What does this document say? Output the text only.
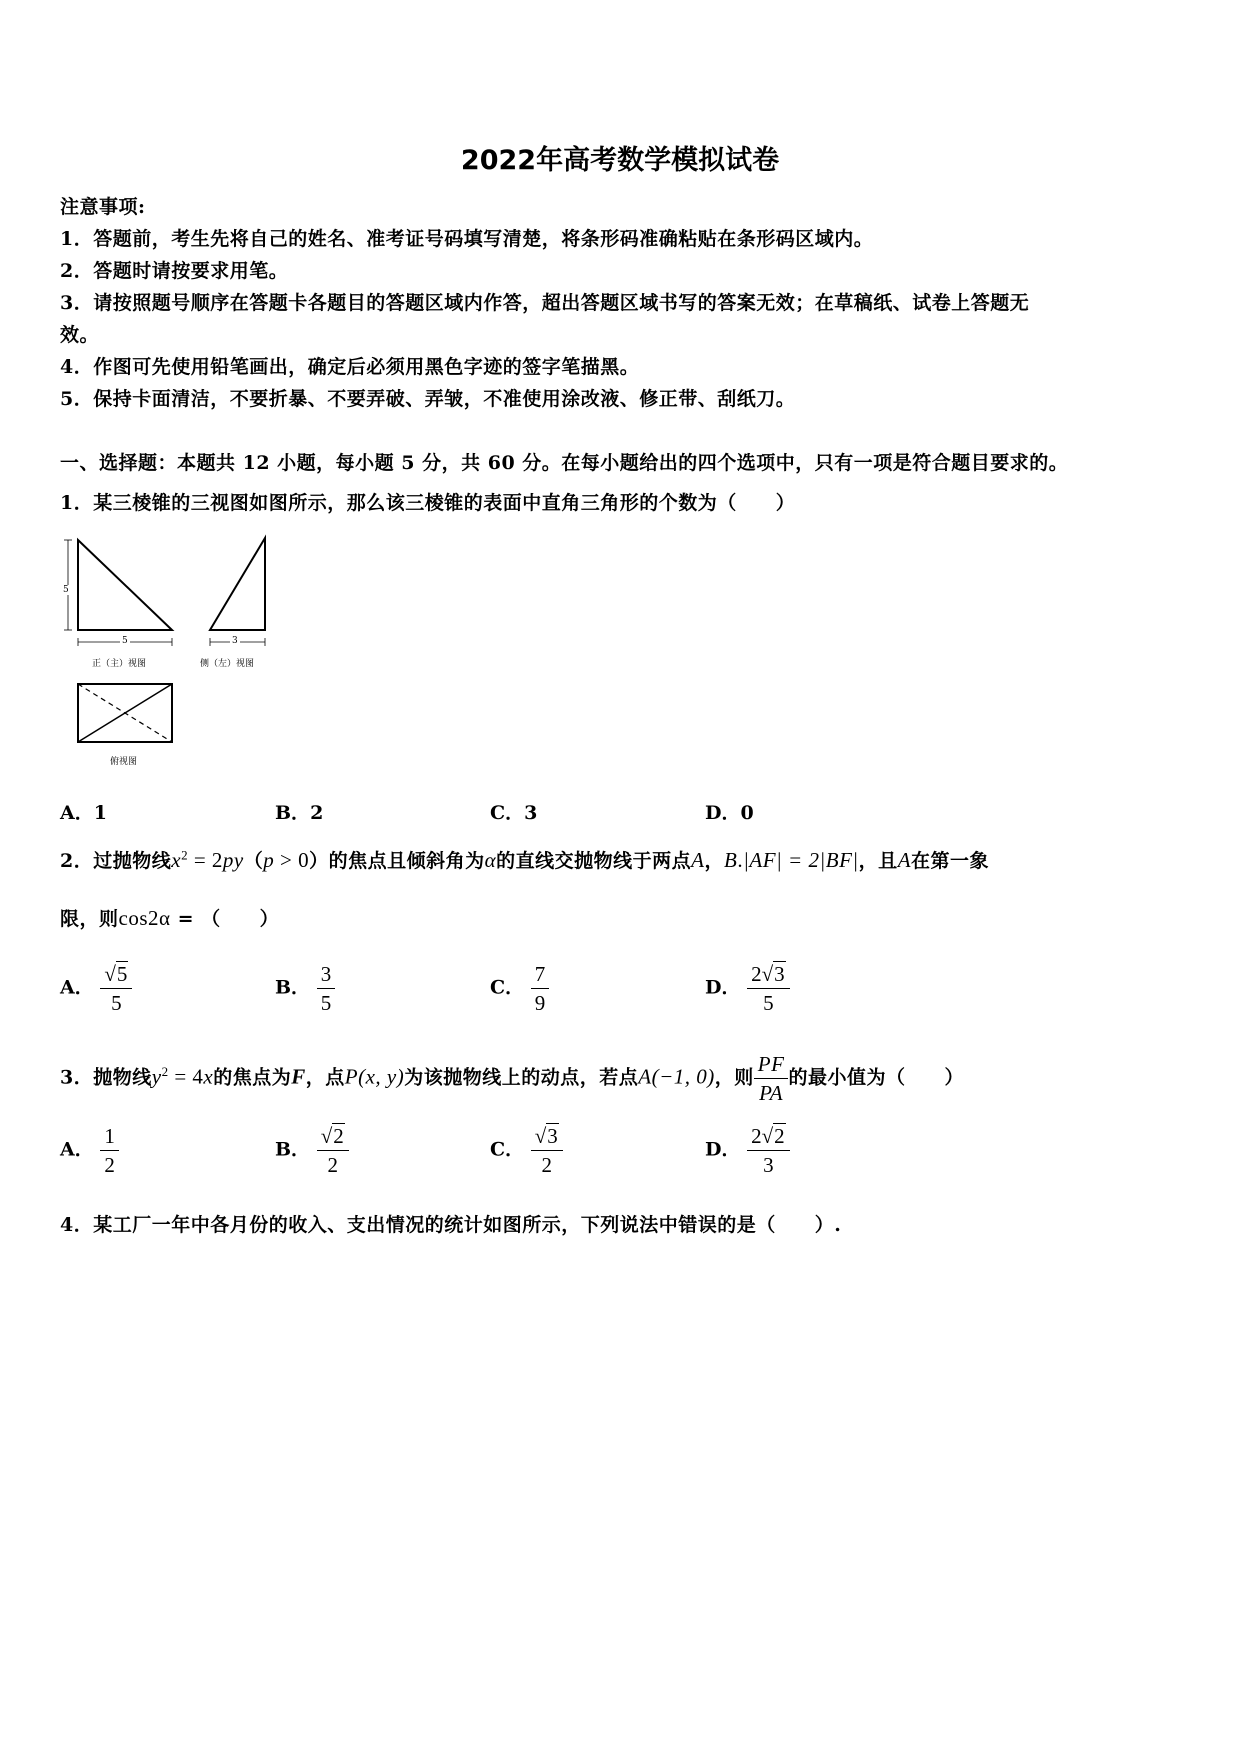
2022年高考数学模拟试卷
注意事项:
1．答题前，考生先将自己的姓名、准考证号码填写清楚，将条形码准确粘贴在条形码区域内。
2．答题时请按要求用笔。
3．请按照题号顺序在答题卡各题目的答题区域内作答，超出答题区域书写的答案无效；在草稿纸、试卷上答题无
效。
4．作图可先使用铅笔画出，确定后必须用黑色字迹的签字笔描黑。
5．保持卡面清洁，不要折暴、不要弄破、弄皱，不准使用涂改液、修正带、刮纸刀。
一、选择题：本题共 12 小题，每小题 5 分，共 60 分。在每小题给出的四个选项中，只有一项是符合题目要求的。
1．某三棱锥的三视图如图所示，那么该三棱锥的表面中直角三角形的个数为（　　）
5
5	3
正（主）视图	侧（左）视图
俯视图
A．1	B．2	C．3	D．0
2．过抛物线$x^2 = 2py(p > 0)$的焦点且倾斜角为α的直线交抛物线于两点A，B.|AF| = 2|BF|，且A在第一象
限，则cos2α = （　　）
A． $\frac{√5}{5}$	B． $\frac{3}{5}$	C． $\frac{7}{9}$	D． $\frac{2√3}{5}$
3．抛物线$y^2 = 4x$的焦点为F，点P(x, y)为该抛物线上的动点，若点A(−1, 0)，则 $\frac{PF}{PA}$ 的最小值为（　　）
A． $\frac{1}{2}$	B． $\frac{√2}{2}$	C． $\frac{√3}{2}$	D． $\frac{2√2}{3}$
4．某工厂一年中各月份的收入、支出情况的统计如图所示，下列说法中错误的是（　　）.
